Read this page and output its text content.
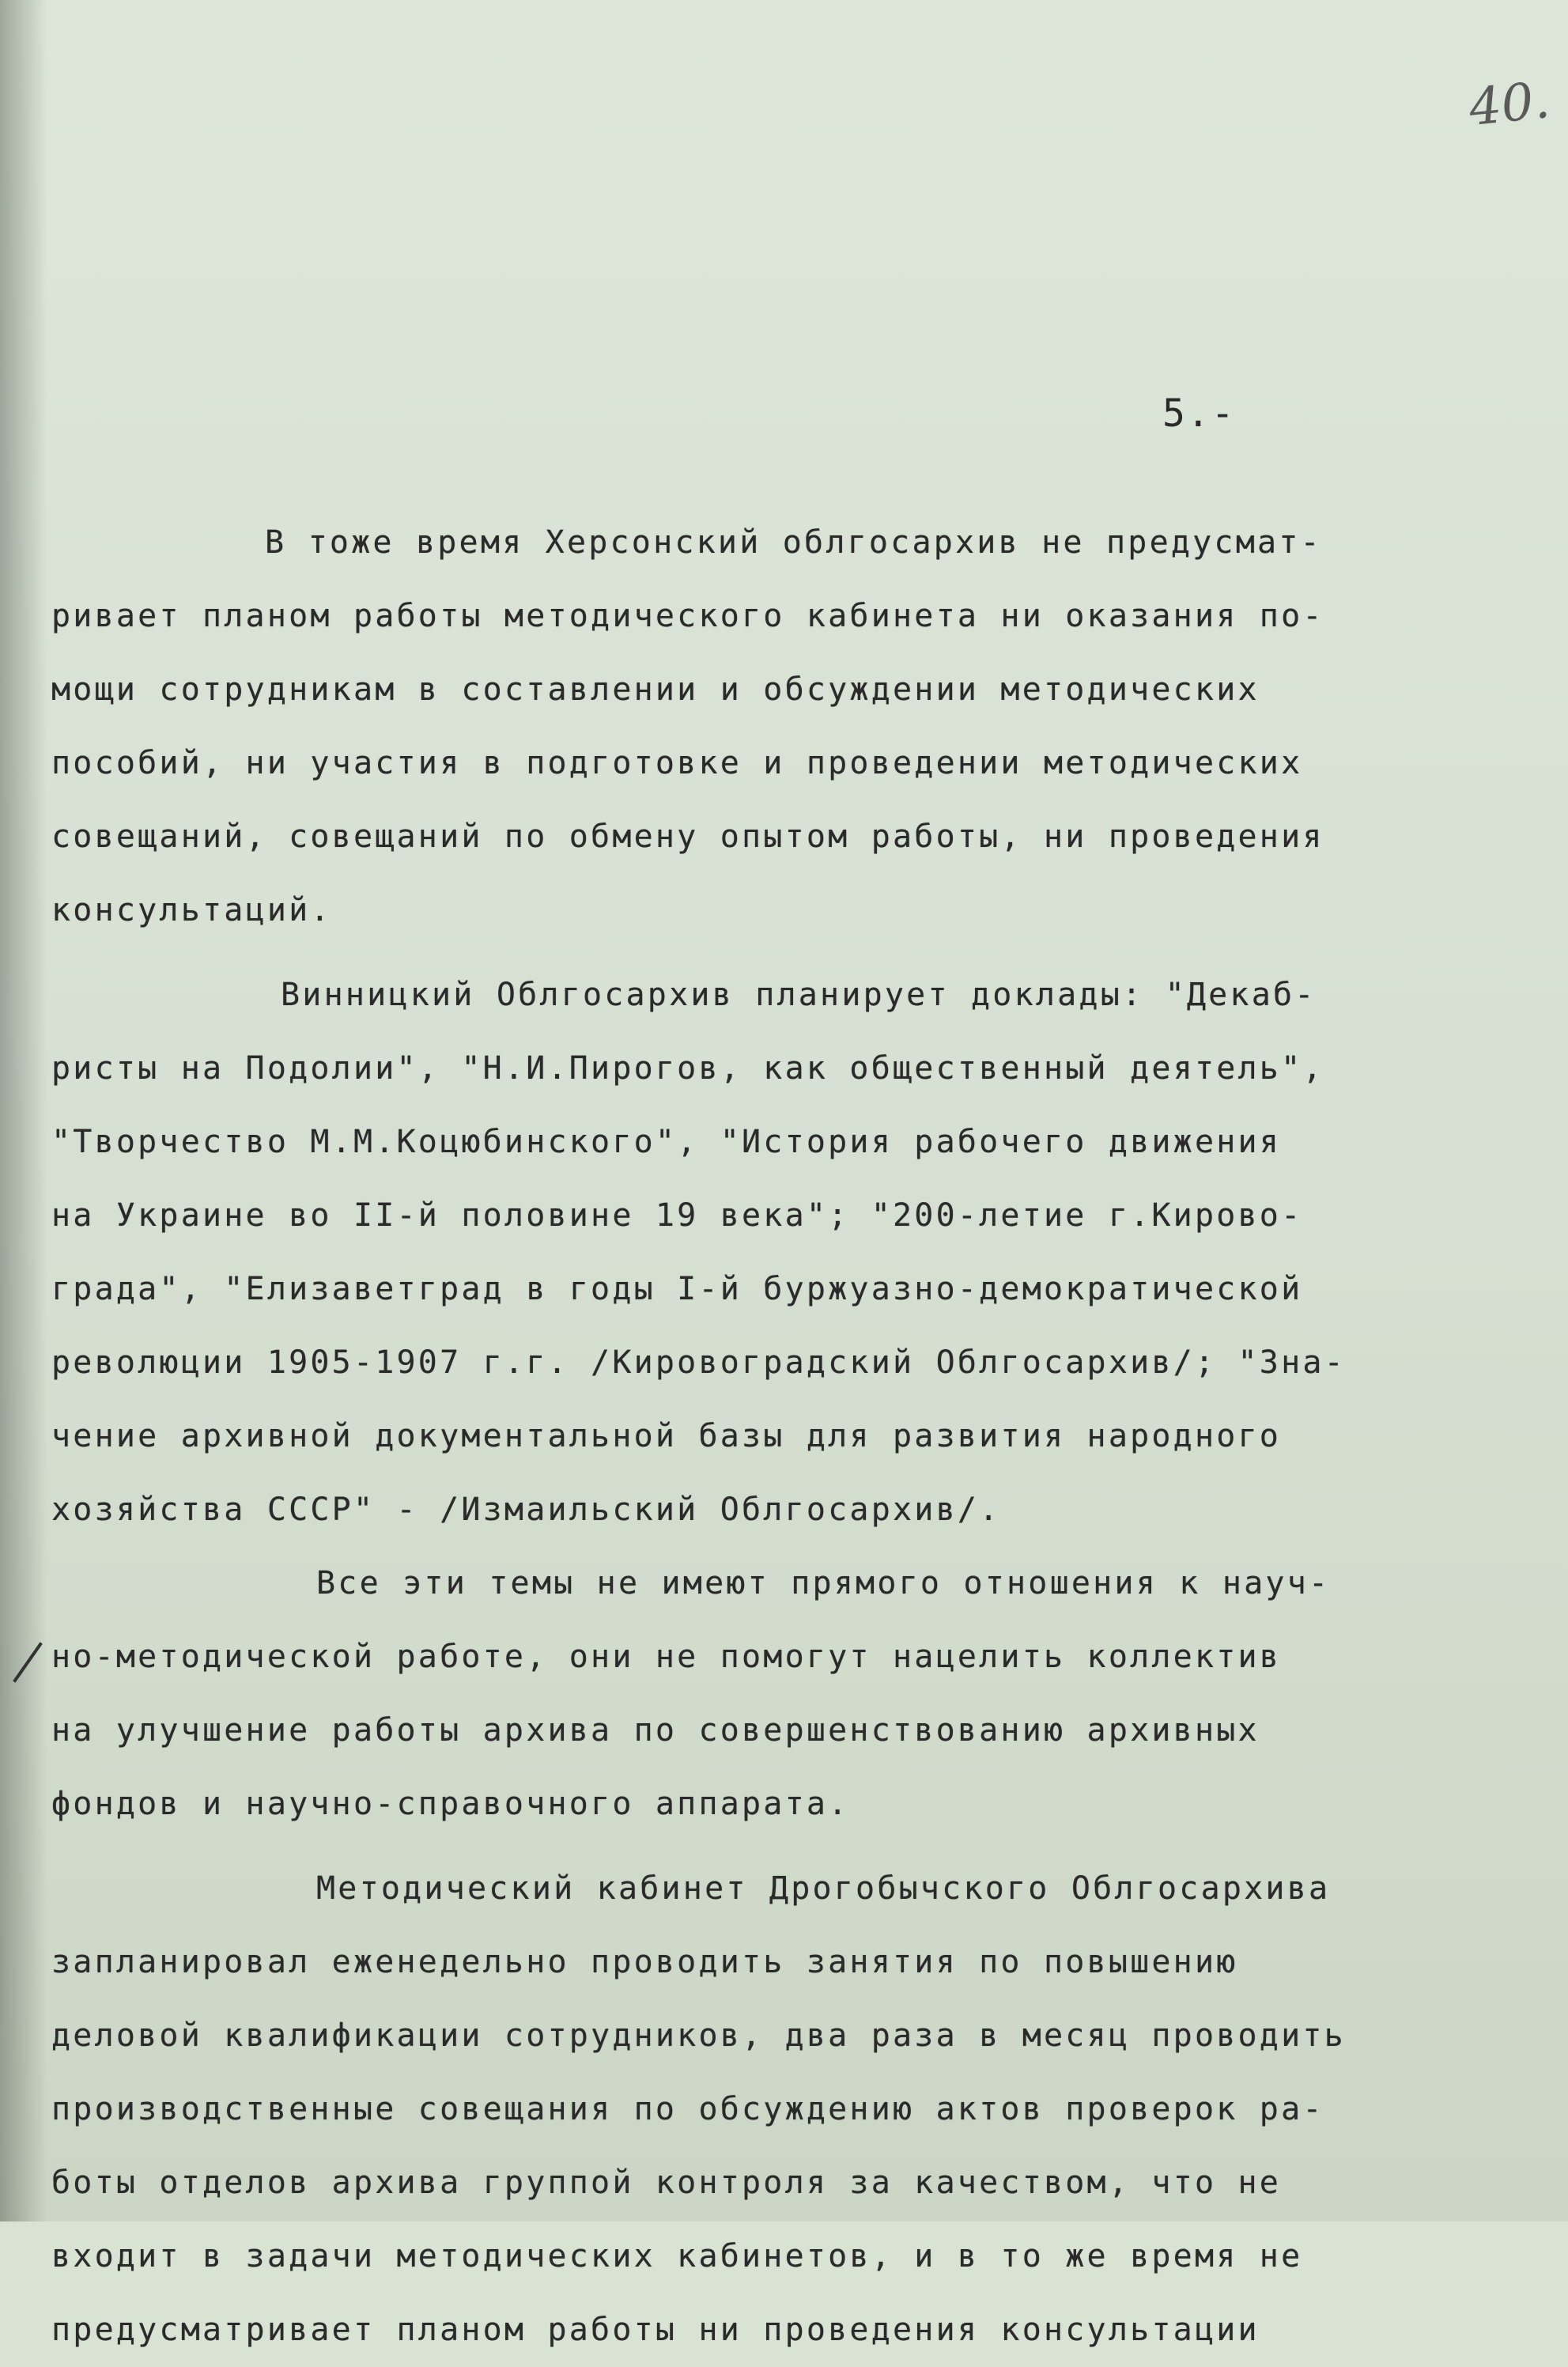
40.
5.-
В тоже время Херсонский облгосархив не предусмат-
ривает планом работы методического кабинета ни оказания по-
мощи сотрудникам в составлении и обсуждении методических
пособий, ни участия в подготовке и проведении методических
совещаний, совещаний по обмену опытом работы, ни проведения
консультаций.
Винницкий Облгосархив планирует доклады: "Декаб-
ристы на Подолии", "Н.И.Пирогов, как общественный деятель",
"Творчество М.М.Коцюбинского", "История рабочего движения
на Украине во II-й половине 19 века"; "200-летие г.Кирово-
града", "Елизаветград в годы I-й буржуазно-демократической
революции 1905-1907 г.г. /Кировоградский Облгосархив/; "Зна-
чение архивной документальной базы для развития народного
хозяйства СССР" - /Измаильский Облгосархив/.
Все эти темы не имеют прямого отношения к науч-
но-методической работе, они не помогут нацелить коллектив
на улучшение работы архива по совершенствованию архивных
фондов и научно-справочного аппарата.
Методический кабинет Дрогобычского Облгосархива
запланировал еженедельно проводить занятия по повышению
деловой квалификации сотрудников, два раза в месяц проводить
производственные совещания по обсуждению актов проверок ра-
боты отделов архива группой контроля за качеством, что не
входит в задачи методических кабинетов, и в то же время не
предусматривает планом работы ни проведения консультации
